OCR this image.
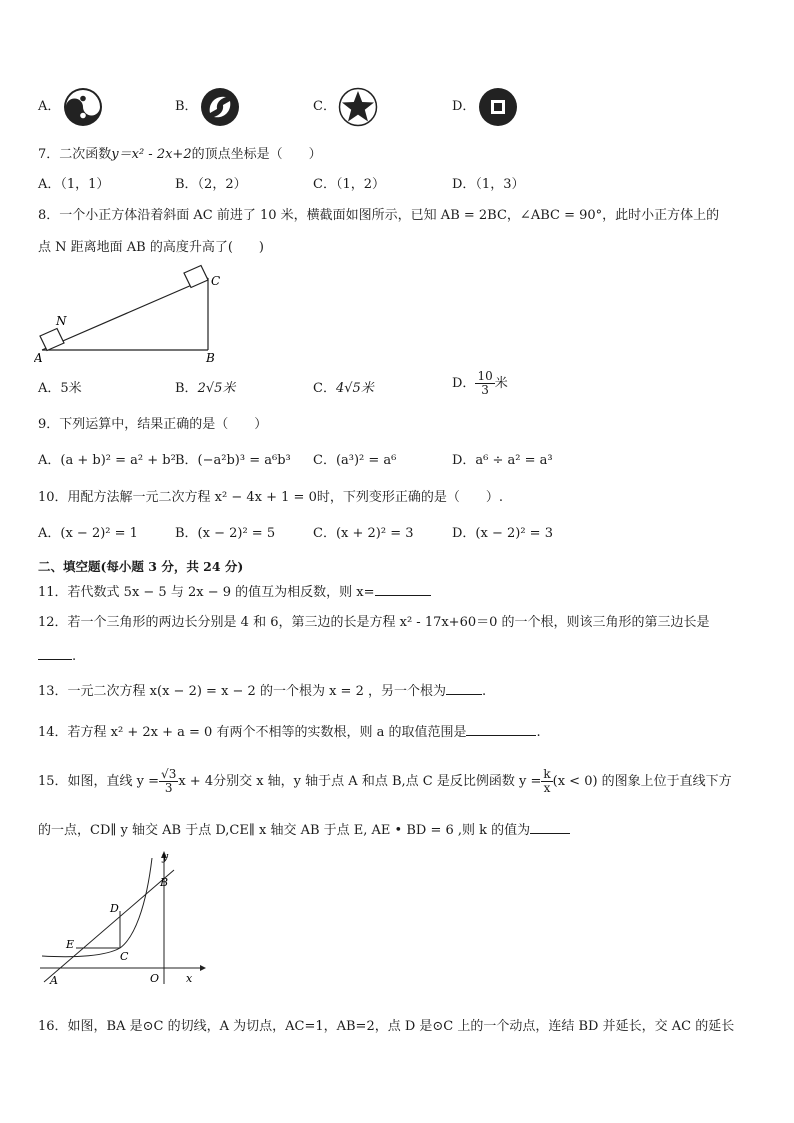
A．	B．	C．	D．
7．二次函数y＝x² - 2x+2的顶点坐标是（　　）
A．（1，1）	B．（2，2）	C．（1，2）	D．（1，3）
8．一个小正方体沿着斜面 AC 前进了 10 米，横截面如图所示，已知 AB = 2BC，∠ABC = 90°，此时小正方体上的
点 N 距离地面 AB 的高度升高了(　　)
A	B
C
N
A．5米	B．2√5米	C．4√5米	D． $\frac{10}{3}$ 米
9．下列运算中，结果正确的是（　　）
A．(a + b)² = a² + b² B．(−a²b)³ = a⁶b³ C．(a³)² = a⁶	D．a⁶ ÷ a² = a³
10．用配方法解一元二次方程 x² − 4x + 1 = 0时，下列变形正确的是（　　）.
A．(x − 2)² = 1	B．(x − 2)² = 5	C．(x + 2)² = 3	D．(x − 2)² = 3
二、填空题(每小题 3 分，共 24 分)
11．若代数式 5x − 5 与 2x − 9 的值互为相反数，则 x=
12．若一个三角形的两边长分别是 4 和 6，第三边的长是方程 x² - 17x+60＝0 的一个根，则该三角形的第三边长是
.
13．一元二次方程 x(x − 2) = x − 2 的一个根为 x = 2 ，另一个根为	.
14．若方程 x² + 2x + a = 0 有两个不相等的实数根，则 a 的取值范围是	.
15．如图，直线 $y = \frac{√3}{3}$ x + 4分别交 x 轴，y 轴于点 A 和点 B,点 C 是反比例函数 $y = \frac{k}{x} (x < 0)$ 的图象上位于直线下方
的一点，CD∥ y 轴交 AB 于点 D,CE∥ x 轴交 AB 于点 E, AE • BD = 6 ,则 k 的值为
y
x
B
D
E
C
A	O
16．如图，BA 是⊙C 的切线，A 为切点，AC=1，AB=2，点 D 是⊙C 上的一个动点，连结 BD 并延长，交 AC 的延长
